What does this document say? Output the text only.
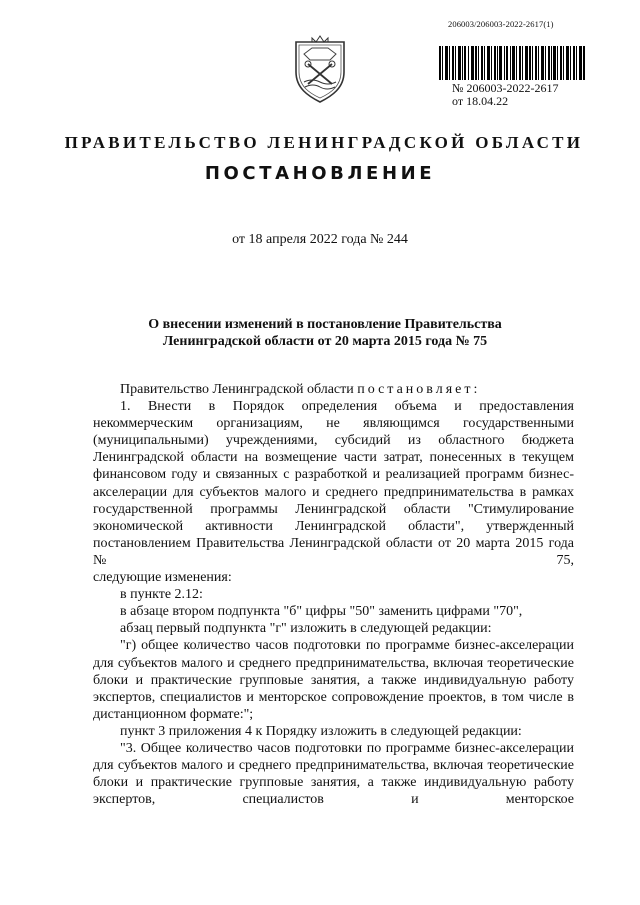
206003/206003-2022-2617(1)
№ 206003-2022-2617
от 18.04.22
ПРАВИТЕЛЬСТВО ЛЕНИНГРАДСКОЙ ОБЛАСТИ
ПОСТАНОВЛЕНИЕ
от 18 апреля 2022 года № 244
О внесении изменений в постановление Правительства
Ленинградской области от 20 марта 2015 года № 75
Правительство Ленинградской области постановляет:
1. Внести в Порядок определения объема и предоставления некоммерческим организациям, не являющимся государственными (муниципальными) учреждениями, субсидий из областного бюджета Ленинградской области на возмещение части затрат, понесенных в текущем финансовом году и связанных с разработкой и реализацией программ бизнес-акселерации для субъектов малого и среднего предпринимательства в рамках государственной программы Ленинградской области "Стимулирование экономической активности Ленинградской области", утвержденный постановлением Правительства Ленинградской области от 20 марта 2015 года № 75,
следующие изменения:
в пункте 2.12:
в абзаце втором подпункта "б" цифры "50" заменить цифрами "70",
абзац первый подпункта "г" изложить в следующей редакции:
"г) общее количество часов подготовки по программе бизнес-акселерации для субъектов малого и среднего предпринимательства, включая теоретические блоки и практические групповые занятия, а также индивидуальную работу экспертов, специалистов и менторское сопровождение проектов, в том числе в дистанционном формате:";
пункт 3 приложения 4 к Порядку изложить в следующей редакции:
"3. Общее количество часов подготовки по программе бизнес-акселерации для субъектов малого и среднего предпринимательства, включая теоретические блоки и практические групповые занятия, а также индивидуальную работу экспертов, специалистов и менторское
